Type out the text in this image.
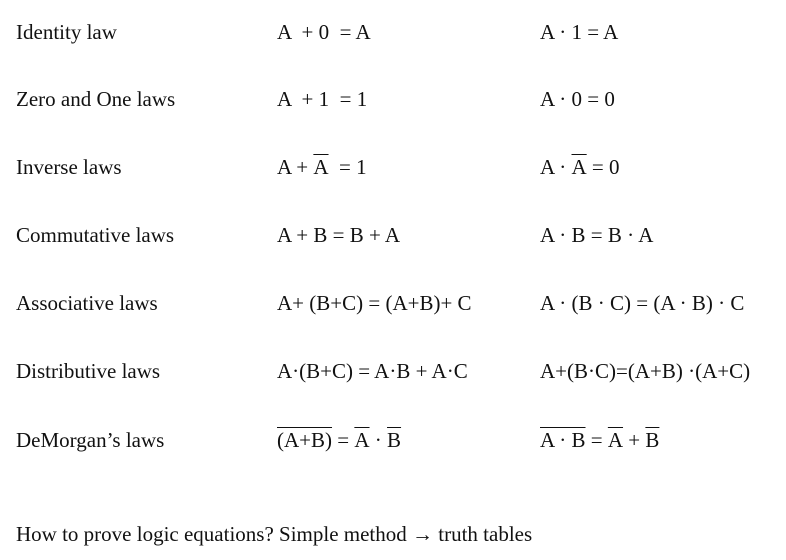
Identity law	A  + 0  = A	A · 1 = A
Zero and One laws	A  + 1  = 1	A · 0 = 0
Inverse laws	$A + \overline{A} = 1$	$A \cdot \overline{A} = 0$
Commutative laws	A + B = B + A	A · B = B · A
Associative laws	A+ (B+C) = (A+B)+ C	A · (B · C) = (A · B) · C
Distributive laws	A·(B+C) = A·B + A·C	A+(B·C)=(A+B) ·(A+C)
DeMorgan’s laws	$(A+B) = \overline{A} \cdot \overline{B}$	$A \cdot B = \overline{A} + \overline{B}$
How to prove logic equations? Simple method → truth tables
